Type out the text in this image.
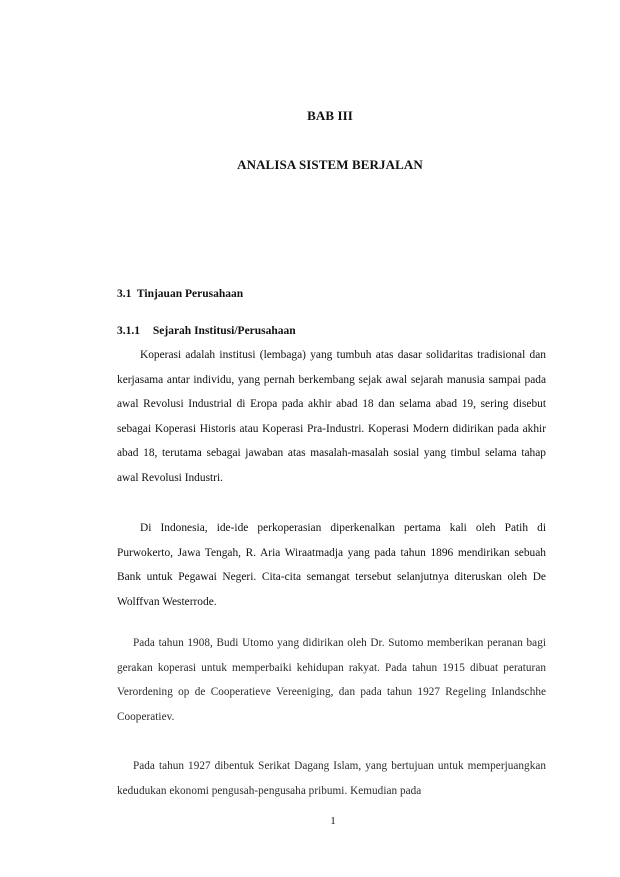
BAB III
ANALISA SISTEM BERJALAN
3.1 Tinjauan Perusahaan
3.1.1 Sejarah Institusi/Perusahaan

Koperasi adalah institusi (lembaga) yang tumbuh atas dasar solidaritas tradisional dan kerjasama antar individu, yang pernah berkembang sejak awal sejarah manusia sampai pada awal Revolusi Industrial di Eropa pada akhir abad 18 dan selama abad 19, sering disebut sebagai Koperasi Historis atau Koperasi Pra-Industri. Koperasi Modern didirikan pada akhir abad 18, terutama sebagai jawaban atas masalah-masalah sosial yang timbul selama tahap awal Revolusi Industri.

Di Indonesia, ide-ide perkoperasian diperkenalkan pertama kali oleh Patih di Purwokerto, Jawa Tengah, R. Aria Wiraatmadja yang pada tahun 1896 mendirikan sebuah Bank untuk Pegawai Negeri. Cita-cita semangat tersebut selanjutnya diteruskan oleh De Wolffvan Westerrode.

Pada tahun 1908, Budi Utomo yang didirikan oleh Dr. Sutomo memberikan peranan bagi gerakan koperasi untuk memperbaiki kehidupan rakyat. Pada tahun 1915 dibuat peraturan Verordening op de Cooperatieve Vereeniging, dan pada tahun 1927 Regeling Inlandschhe Cooperatiev.

Pada tahun 1927 dibentuk Serikat Dagang Islam, yang bertujuan untuk memperjuangkan kedudukan ekonomi pengusah-pengusaha pribumi. Kemudian pada

1
